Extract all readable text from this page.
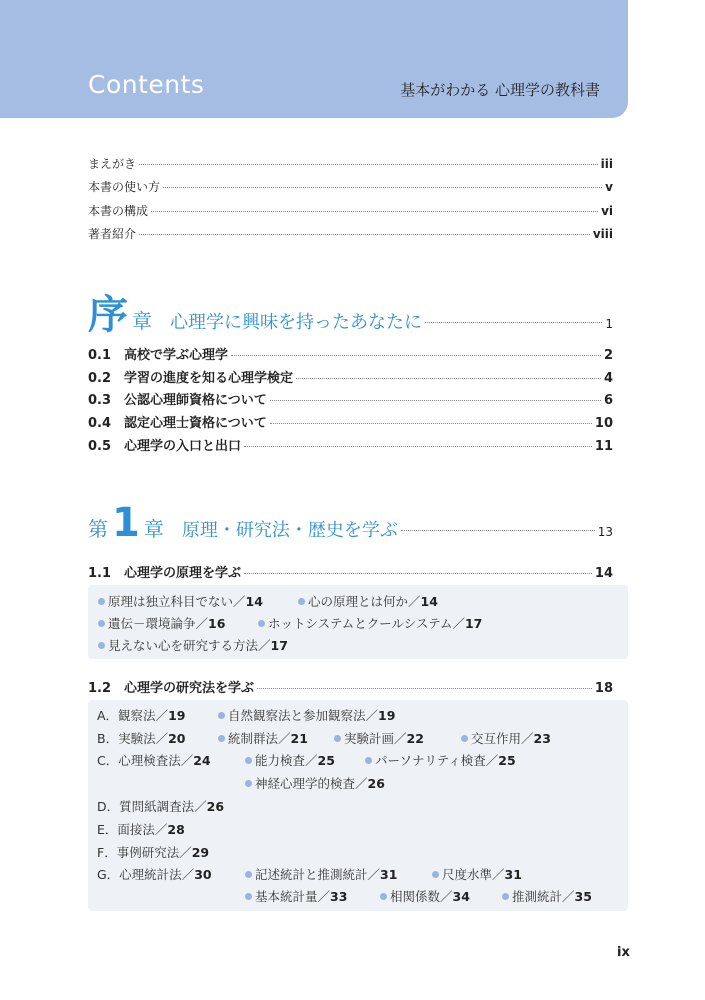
Contents	基本がわかる 心理学の教科書
まえがき	iii
本書の使い方	v
本書の構成	vi
著者紹介	viii
序 章 心理学に興味を持ったあなたに	1
0.1 高校で学ぶ心理学	2
0.2 学習の進度を知る心理学検定	4
0.3 公認心理師資格について	6
0.4 認定心理士資格について	10
0.5 心理学の入口と出口	11
第 1 章 原理・研究法・歴史を学ぶ	13
1.1 心理学の原理を学ぶ	14
原理は独立科目でない／14	心の原理とは何か／14
遺伝－環境論争／16	ホットシステムとクールシステム／17
見えない心を研究する方法／17
1.2 心理学の研究法を学ぶ	18
A．観察法／19	自然観察法と参加観察法／19
B．実験法／20	統制群法／21	実験計画／22	交互作用／23
C．心理検査法／24	能力検査／25	パーソナリティ検査／25
神経心理学的検査／26
D．質問紙調査法／26
E．面接法／28
F．事例研究法／29
G．心理統計法／30	記述統計と推測統計／31	尺度水準／31
基本統計量／33	相関係数／34	推測統計／35
ix
